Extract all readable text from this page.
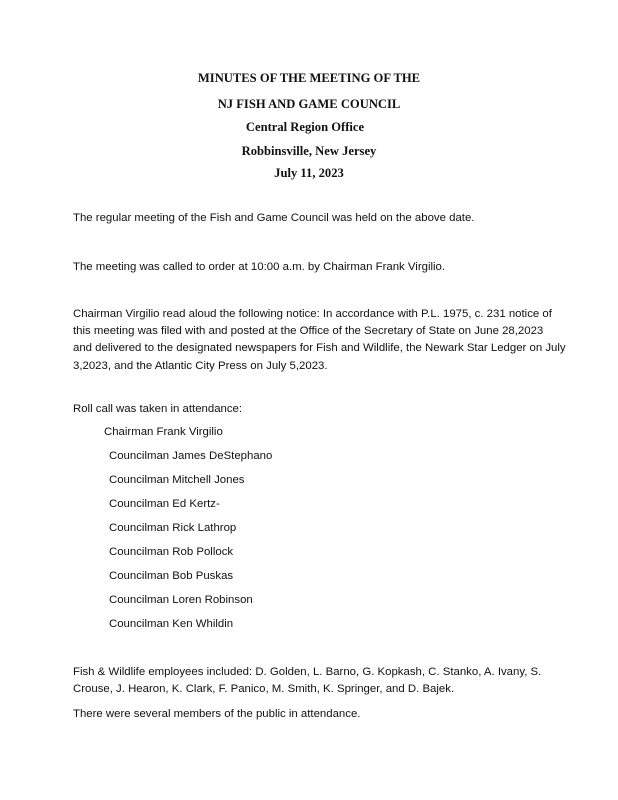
MINUTES OF THE MEETING OF THE
NJ FISH AND GAME COUNCIL
Central Region Office
Robbinsville, New Jersey
July 11, 2023
The regular meeting of the Fish and Game Council was held on the above date.
The meeting was called to order at 10:00 a.m. by Chairman Frank Virgilio.
Chairman Virgilio read aloud the following notice: In accordance with P.L. 1975, c. 231 notice of
this meeting was filed with and posted at the Office of the Secretary of State on June 28,2023
and delivered to the designated newspapers for Fish and Wildlife, the Newark Star Ledger on July
3,2023, and the Atlantic City Press on July 5,2023.
Roll call was taken in attendance:
Chairman Frank Virgilio
Councilman James DeStephano
Councilman Mitchell Jones
Councilman Ed Kertz-
Councilman Rick Lathrop
Councilman Rob Pollock
Councilman Bob Puskas
Councilman Loren Robinson
Councilman Ken Whildin
Fish & Wildlife employees included: D. Golden, L. Barno, G. Kopkash, C. Stanko, A. Ivany, S.
Crouse, J. Hearon, K. Clark, F. Panico, M. Smith, K. Springer, and D. Bajek.
There were several members of the public in attendance.
